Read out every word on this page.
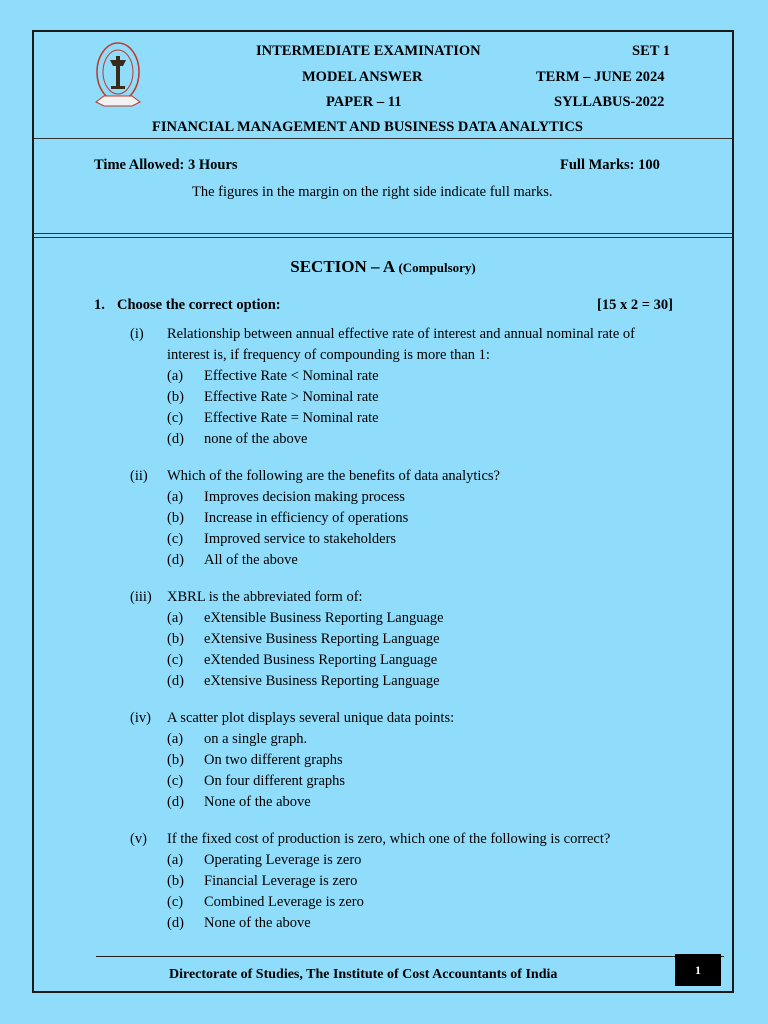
INTERMEDIATE EXAMINATION	SET 1
MODEL ANSWER	TERM – JUNE 2024
PAPER – 11	SYLLABUS-2022
FINANCIAL MANAGEMENT AND BUSINESS DATA ANALYTICS
Time Allowed: 3 Hours	Full Marks: 100
The figures in the margin on the right side indicate full marks.
SECTION – A (Compulsory)
1. Choose the correct option:	[15 x 2 = 30]
(i) Relationship between annual effective rate of interest and annual nominal rate of
interest is, if frequency of compounding is more than 1:
(a) Effective Rate < Nominal rate
(b) Effective Rate > Nominal rate
(c) Effective Rate = Nominal rate
(d) none of the above
(ii) Which of the following are the benefits of data analytics?
(a) Improves decision making process
(b) Increase in efficiency of operations
(c) Improved service to stakeholders
(d) All of the above
(iii) XBRL is the abbreviated form of:
(a) eXtensible Business Reporting Language
(b) eXtensive Business Reporting Language
(c) eXtended Business Reporting Language
(d) eXtensive Business Reporting Language
(iv) A scatter plot displays several unique data points:
(a) on a single graph.
(b) On two different graphs
(c) On four different graphs
(d) None of the above
(v) If the fixed cost of production is zero, which one of the following is correct?
(a) Operating Leverage is zero
(b) Financial Leverage is zero
(c) Combined Leverage is zero
(d) None of the above
Directorate of Studies, The Institute of Cost Accountants of India	1
